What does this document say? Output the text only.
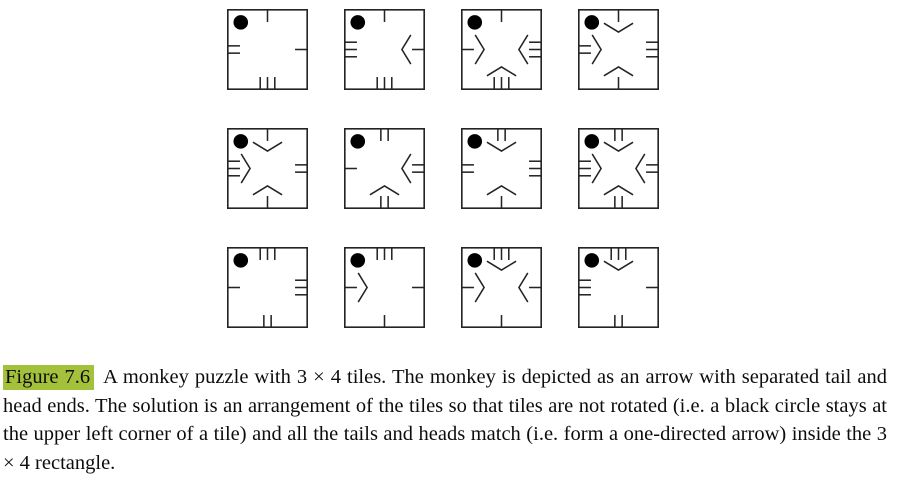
Figure 7.6 A monkey puzzle with 3 × 4 tiles. The monkey is depicted as an arrow with separated tail and head ends. The solution is an arrangement of the tiles so that tiles are not rotated (i.e. a black circle stays at the upper left corner of a tile) and all the tails and heads match (i.e. form a one-directed arrow) inside the 3 × 4 rectangle.
